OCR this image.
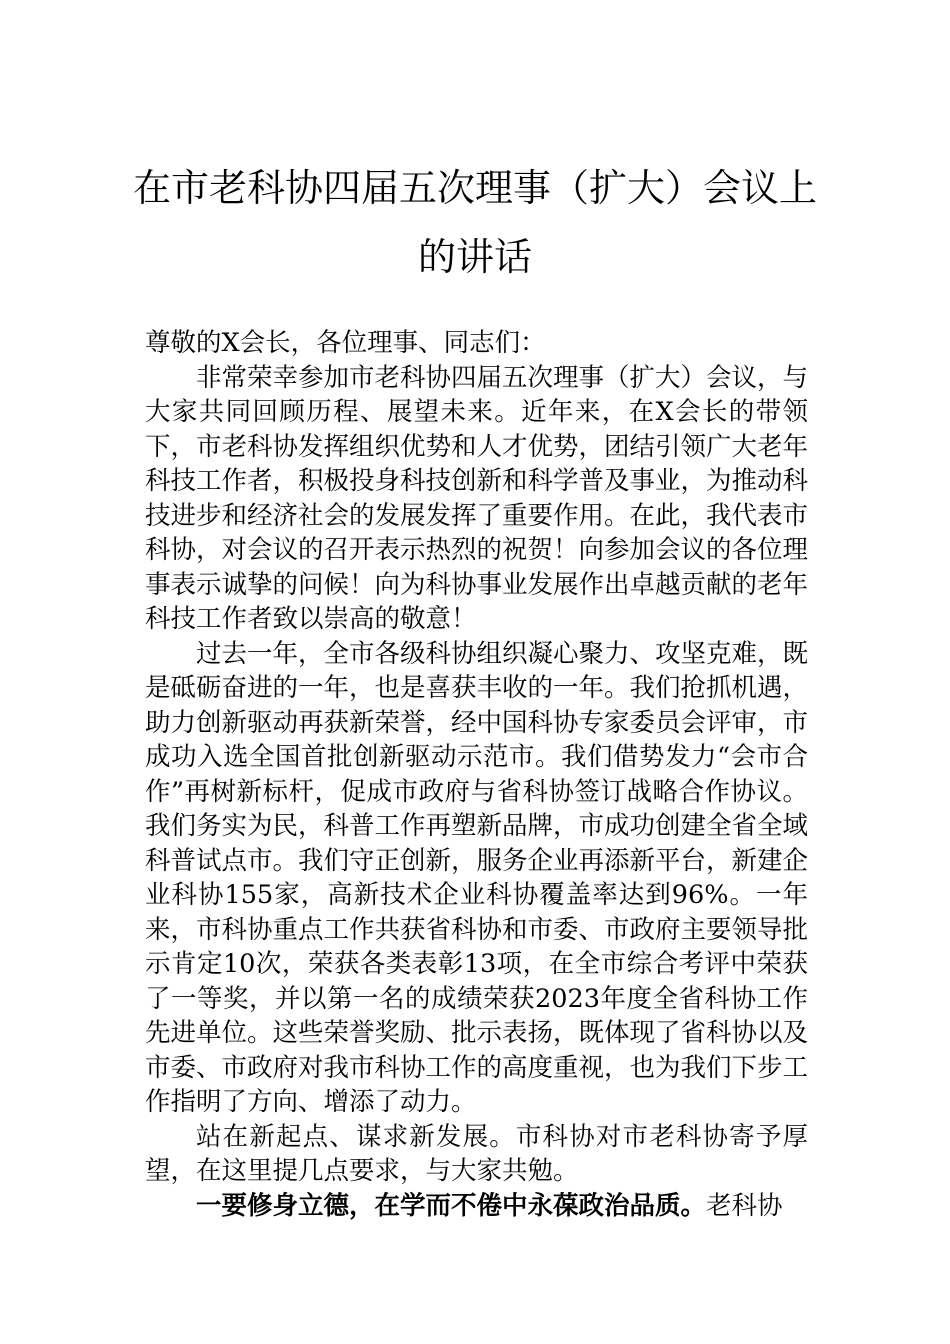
在市老科协四届五次理事（扩大）会议上
的讲话

尊敬的X会长，各位理事、同志们：

非常荣幸参加市老科协四届五次理事（扩大）会议，与大家共同回顾历程、展望未来。近年来，在X会长的带领下，市老科协发挥组织优势和人才优势，团结引领广大老年科技工作者，积极投身科技创新和科学普及事业，为推动科技进步和经济社会的发展发挥了重要作用。在此，我代表市科协，对会议的召开表示热烈的祝贺！向参加会议的各位理事表示诚挚的问候！向为科协事业发展作出卓越贡献的老年科技工作者致以崇高的敬意！

过去一年，全市各级科协组织凝心聚力、攻坚克难，既是砥砺奋进的一年，也是喜获丰收的一年。我们抢抓机遇，助力创新驱动再获新荣誉，经中国科协专家委员会评审，市成功入选全国首批创新驱动示范市。我们借势发力“会市合作”再树新标杆，促成市政府与省科协签订战略合作协议。我们务实为民，科普工作再塑新品牌，市成功创建全省全域科普试点市。我们守正创新，服务企业再添新平台，新建企业科协155家，高新技术企业科协覆盖率达到96%。一年来，市科协重点工作共获省科协和市委、市政府主要领导批示肯定10次，荣获各类表彰13项，在全市综合考评中荣获了一等奖，并以第一名的成绩荣获2023年度全省科协工作先进单位。这些荣誉奖励、批示表扬，既体现了省科协以及市委、市政府对我市科协工作的高度重视，也为我们下步工作指明了方向、增添了动力。

站在新起点、谋求新发展。市科协对市老科协寄予厚望，在这里提几点要求，与大家共勉。

一要修身立德，在学而不倦中永葆政治品质。老科协
